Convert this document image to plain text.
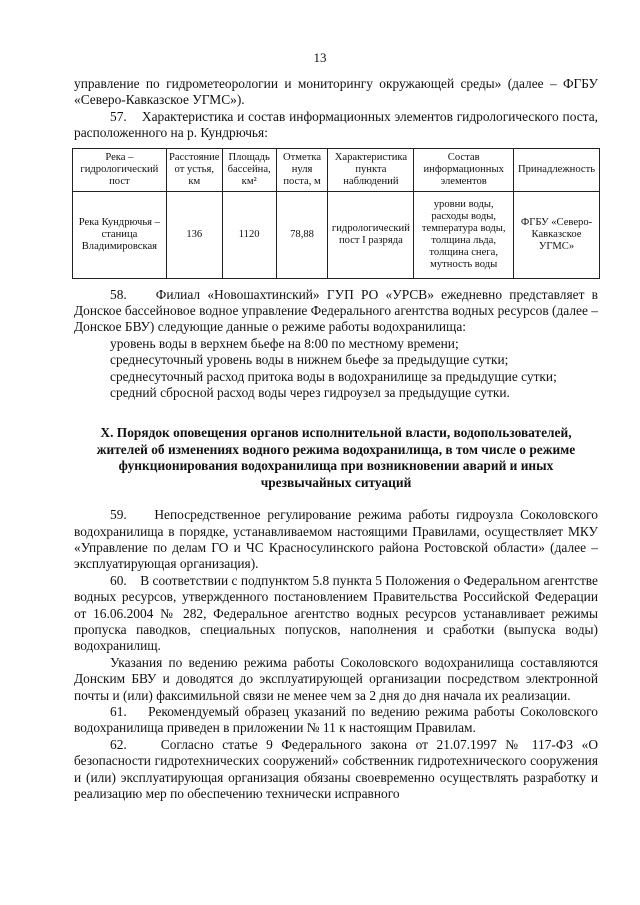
13

управление по гидрометеорологии и мониторингу окружающей среды» (далее – ФГБУ «Северо-Кавказское УГМС»).

57.    Характеристика и состав информационных элементов гидрологического поста, расположенного на р. Кундрючья:

Река – гидрологический пост	Расстояние от устья, км	Площадь бассейна, км²	Отметка нуля поста, м	Характеристика пункта наблюдений	Состав информационных элементов	Принадлежность
Река Кундрючья – станица Владимировская	136	1120	78,88	гидрологический пост I разряда	уровни воды, расходы воды, температура воды, толщина льда, толщина снега, мутность воды	ФГБУ «Северо-Кавказское УГМС»

58.    Филиал «Новошахтинский» ГУП РО «УРСВ» ежедневно представляет в Донское бассейновое водное управление Федерального агентства водных ресурсов (далее – Донское БВУ) следующие данные о режиме работы водохранилища:

уровень воды в верхнем бьефе на 8:00 по местному времени;

среднесуточный уровень воды в нижнем бьефе за предыдущие сутки;

среднесуточный расход притока воды в водохранилище за предыдущие сутки;

средний сбросной расход воды через гидроузел за предыдущие сутки.

X. Порядок оповещения органов исполнительной власти, водопользователей, жителей об изменениях водного режима водохранилища, в том числе о режиме функционирования водохранилища при возникновении аварий и иных чрезвычайных ситуаций

59.    Непосредственное регулирование режима работы гидроузла Соколовского водохранилища в порядке, устанавливаемом настоящими Правилами, осуществляет МКУ «Управление по делам ГО и ЧС Красносулинского района Ростовской области» (далее – эксплуатирующая организация).

60.    В соответствии с подпунктом 5.8 пункта 5 Положения о Федеральном агентстве водных ресурсов, утвержденного постановлением Правительства Российской Федерации от 16.06.2004 № 282, Федеральное агентство водных ресурсов устанавливает режимы пропуска паводков, специальных попусков, наполнения и сработки (выпуска воды) водохранилищ.

Указания по ведению режима работы Соколовского водохранилища составляются Донским БВУ и доводятся до эксплуатирующей организации посредством электронной почты и (или) факсимильной связи не менее чем за 2 дня до дня начала их реализации.

61.    Рекомендуемый образец указаний по ведению режима работы Соколовского водохранилища приведен в приложении № 11 к настоящим Правилам.

62.    Согласно статье 9 Федерального закона от 21.07.1997 № 117-ФЗ «О безопасности гидротехнических сооружений» собственник гидротехнического сооружения и (или) эксплуатирующая организация обязаны своевременно осуществлять разработку и реализацию мер по обеспечению технически исправного
